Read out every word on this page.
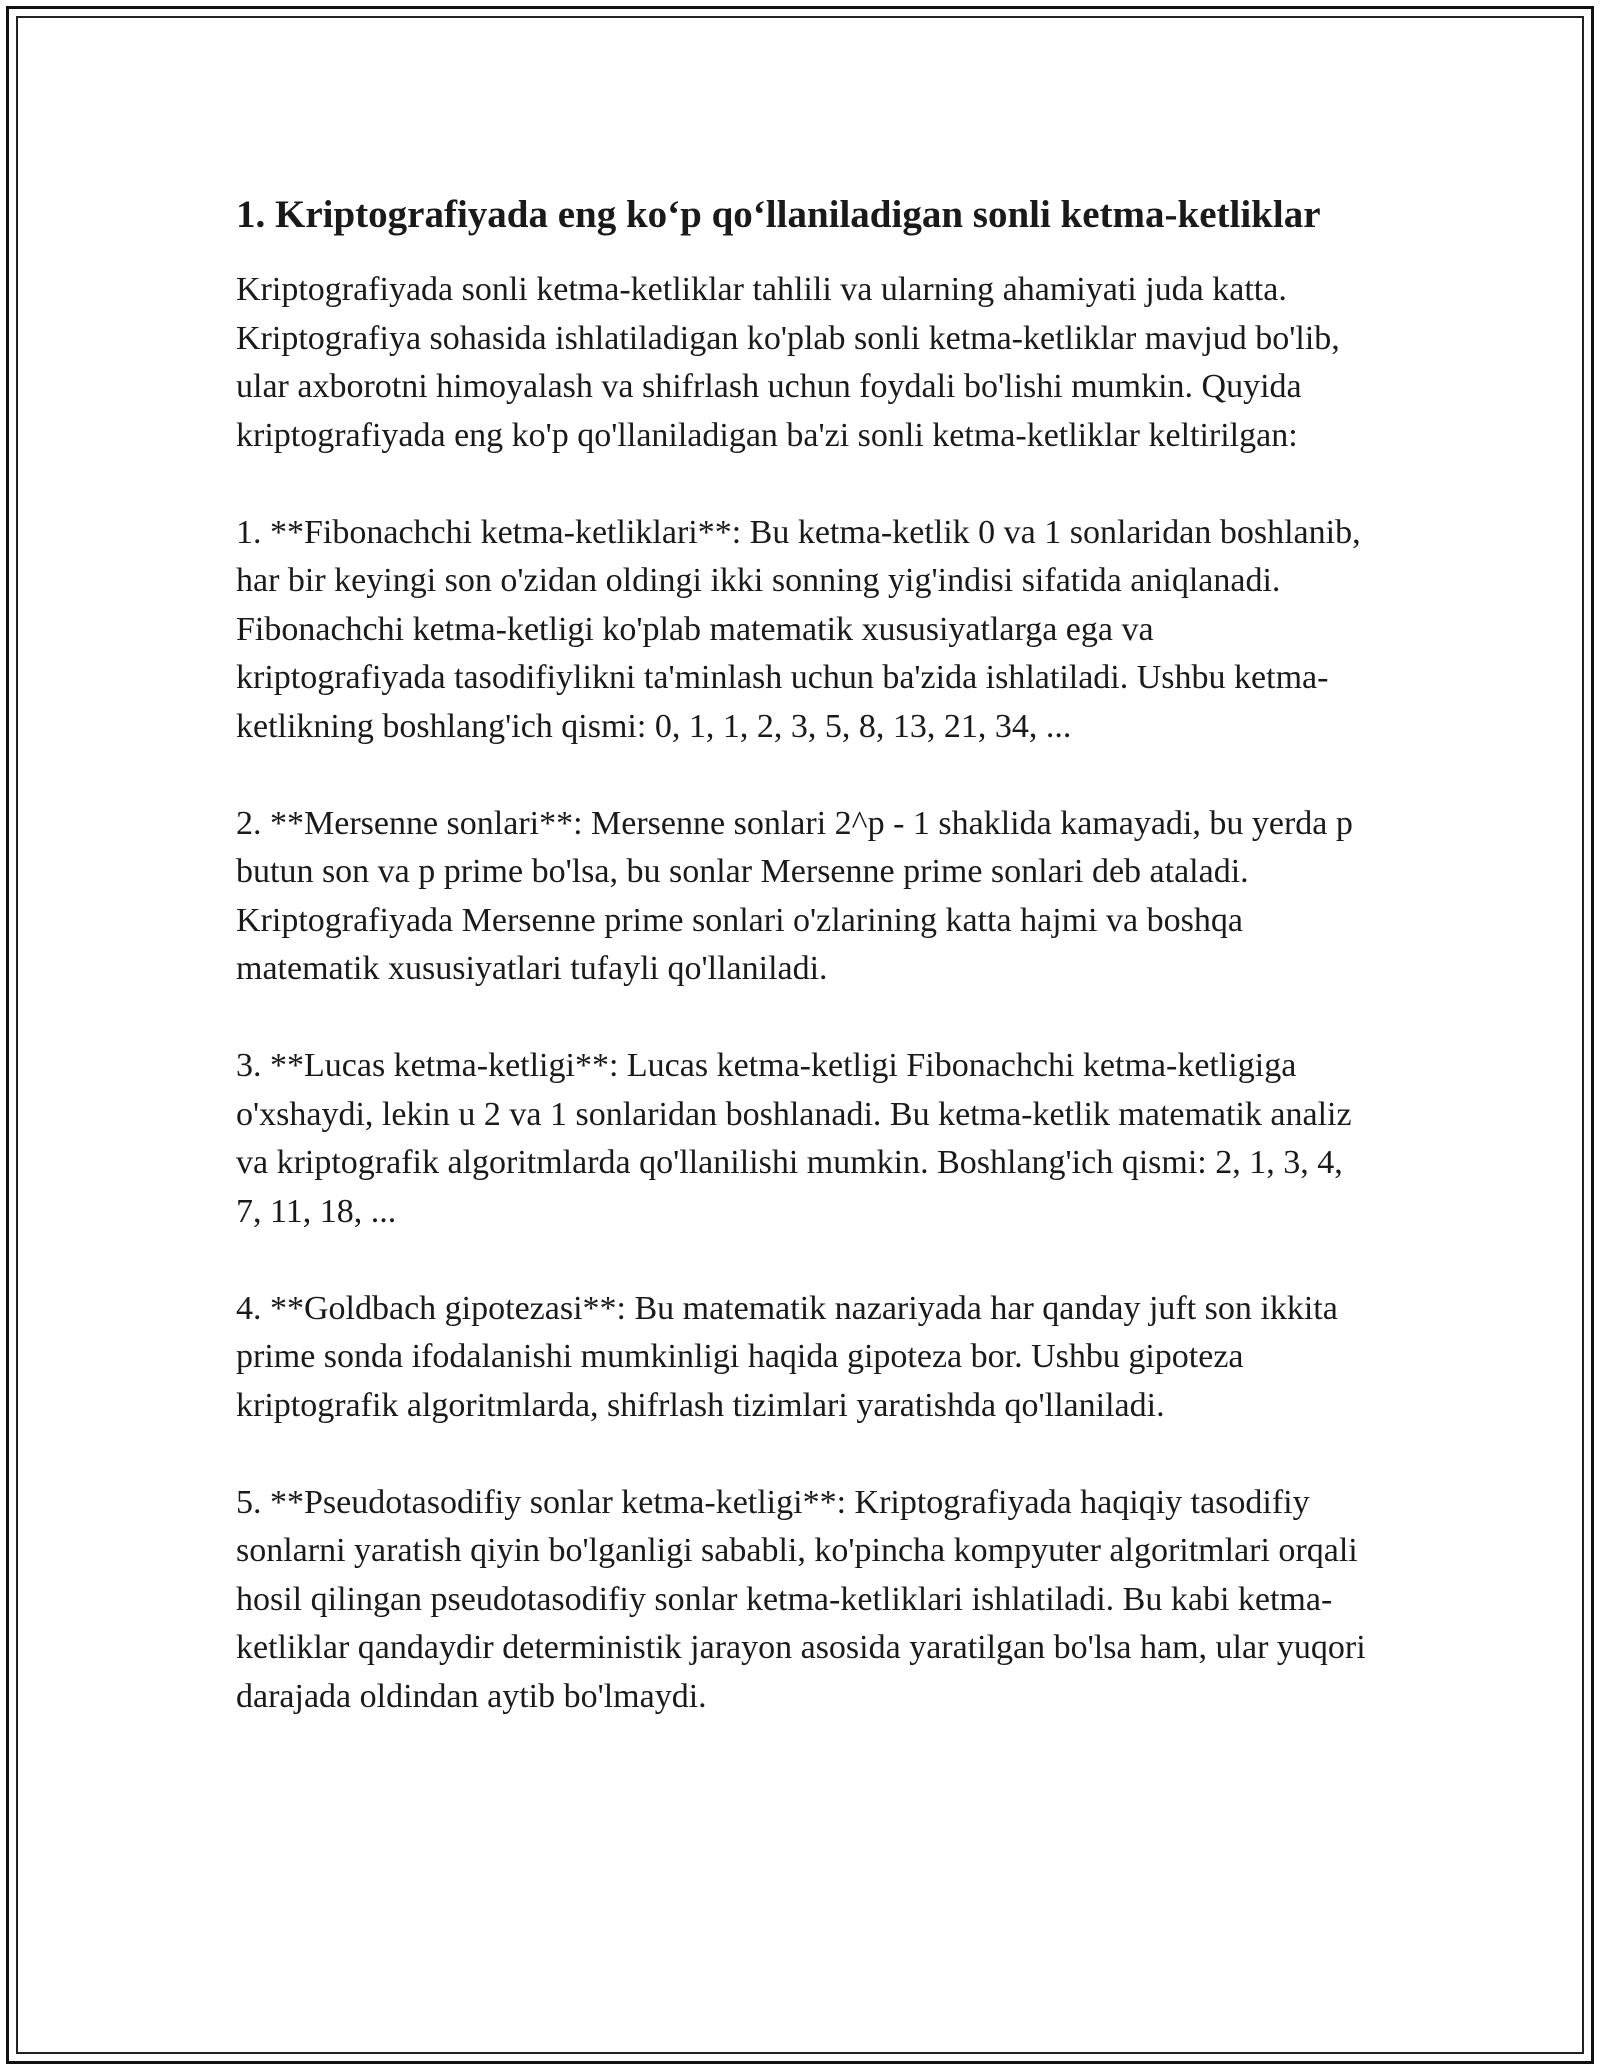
1. Kriptografiyada eng ko‘p qo‘llaniladigan sonli ketma-ketliklar

Kriptografiyada sonli ketma-ketliklar tahlili va ularning ahamiyati juda katta. Kriptografiya sohasida ishlatiladigan ko'plab sonli ketma-ketliklar mavjud bo'lib, ular axborotni himoyalash va shifrlash uchun foydali bo'lishi mumkin. Quyida kriptografiyada eng ko'p qo'llaniladigan ba'zi sonli ketma-ketliklar keltirilgan:

1. **Fibonachchi ketma-ketliklari**: Bu ketma-ketlik 0 va 1 sonlaridan boshlanib, har bir keyingi son o'zidan oldingi ikki sonning yig'indisi sifatida aniqlanadi. Fibonachchi ketma-ketligi ko'plab matematik xususiyatlarga ega va kriptografiyada tasodifiylikni ta'minlash uchun ba'zida ishlatiladi. Ushbu ketma-ketlikning boshlang'ich qismi: 0, 1, 1, 2, 3, 5, 8, 13, 21, 34, ...

2. **Mersenne sonlari**: Mersenne sonlari 2^p - 1 shaklida kamayadi, bu yerda p butun son va p prime bo'lsa, bu sonlar Mersenne prime sonlari deb ataladi. Kriptografiyada Mersenne prime sonlari o'zlarining katta hajmi va boshqa matematik xususiyatlari tufayli qo'llaniladi.

3. **Lucas ketma-ketligi**: Lucas ketma-ketligi Fibonachchi ketma-ketligiga o'xshaydi, lekin u 2 va 1 sonlaridan boshlanadi. Bu ketma-ketlik matematik analiz va kriptografik algoritmlarda qo'llanilishi mumkin. Boshlang'ich qismi: 2, 1, 3, 4, 7, 11, 18, ...

4. **Goldbach gipotezasi**: Bu matematik nazariyada har qanday juft son ikkita prime sonda ifodalanishi mumkinligi haqida gipoteza bor. Ushbu gipoteza kriptografik algoritmlarda, shifrlash tizimlari yaratishda qo'llaniladi.

5. **Pseudotasodifiy sonlar ketma-ketligi**: Kriptografiyada haqiqiy tasodifiy sonlarni yaratish qiyin bo'lganligi sababli, ko'pincha kompyuter algoritmlari orqali hosil qilingan pseudotasodifiy sonlar ketma-ketliklari ishlatiladi. Bu kabi ketma-ketliklar qandaydir deterministik jarayon asosida yaratilgan bo'lsa ham, ular yuqori darajada oldindan aytib bo'lmaydi.
